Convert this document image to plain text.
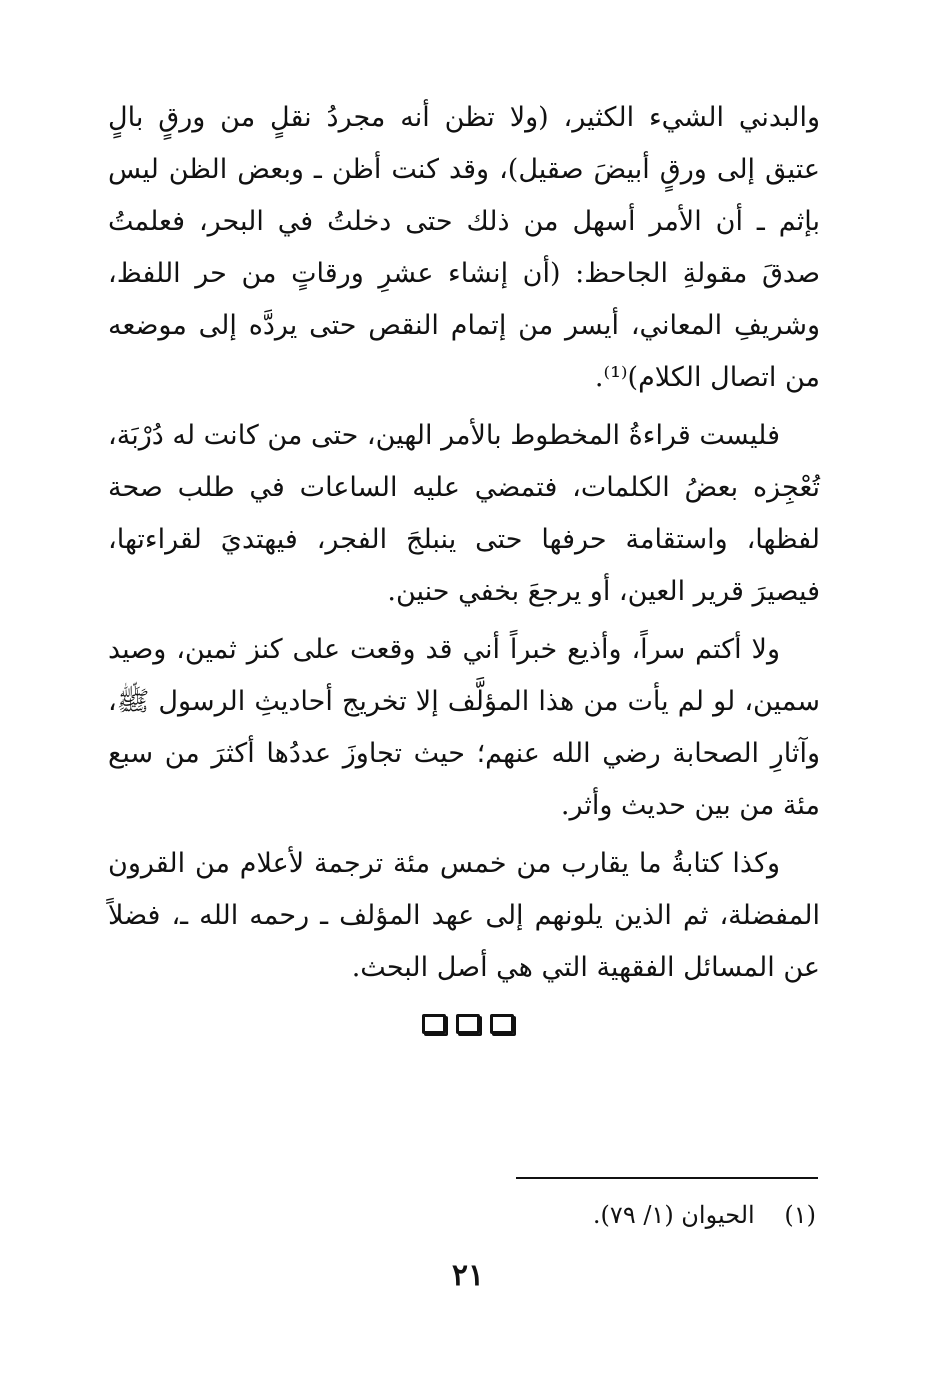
والبدني الشيء الكثير، (ولا تظن أنه مجردُ نقلٍ من ورقٍ بالٍ عتيق إلى ورقٍ أبيضَ صقيل)، وقد كنت أظن ـ وبعض الظن ليس بإثم ـ أن الأمر أسهل من ذلك حتى دخلتُ في البحر، فعلمتُ صدقَ مقولةِ الجاحظ: (أن إنشاء عشرِ ورقاتٍ من حر اللفظ، وشريفِ المعاني، أيسر من إتمام النقص حتى يردَّه إلى موضعه من اتصال الكلام)⁽¹⁾.

فليست قراءةُ المخطوط بالأمر الهين، حتى من كانت له دُرْبَة، تُعْجِزه بعضُ الكلمات، فتمضي عليه الساعات في طلب صحة لفظها، واستقامة حرفها حتى ينبلجَ الفجر، فيهتديَ لقراءتها، فيصيرَ قرير العين، أو يرجعَ بخفي حنين.

ولا أكتم سراً، وأذيع خبراً أني قد وقعت على كنز ثمين، وصيد سمين، لو لم يأت من هذا المؤلَّف إلا تخريج أحاديثِ الرسول ﷺ، وآثارِ الصحابة رضي الله عنهم؛ حيث تجاوزَ عددُها أكثرَ من سبع مئة من بين حديث وأثر.

وكذا كتابةُ ما يقارب من خمس مئة ترجمة لأعلام من القرون المفضلة، ثم الذين يلونهم إلى عهد المؤلف ـ رحمه الله ـ، فضلاً عن المسائل الفقهية التي هي أصل البحث.

(١) الحيوان (١/ ٧٩).
٢١
